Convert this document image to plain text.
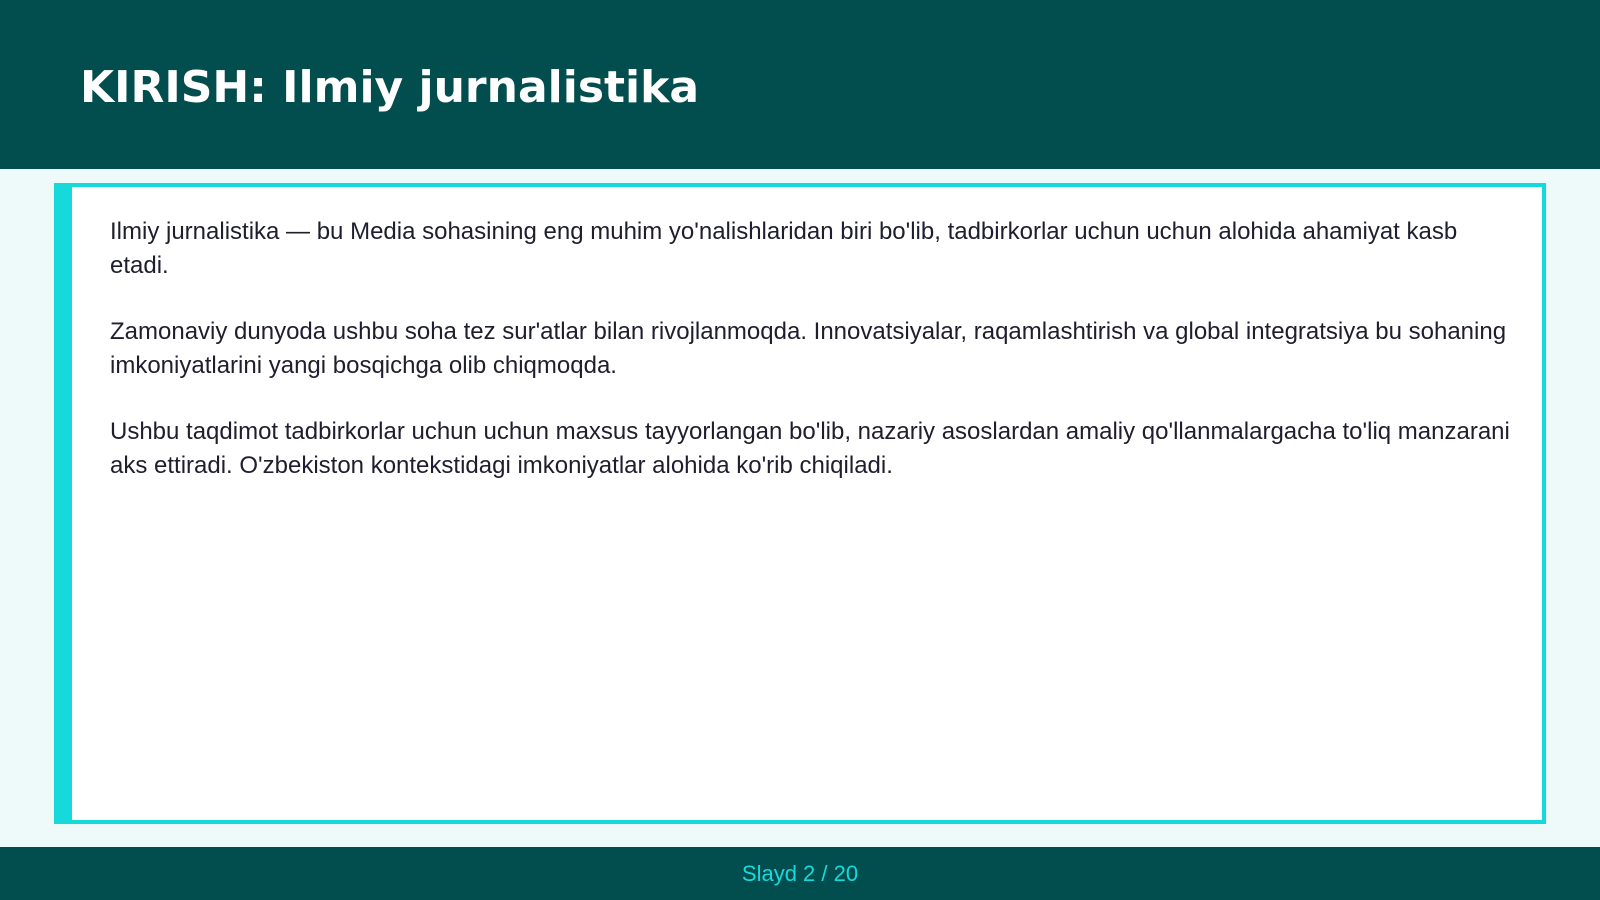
KIRISH: Ilmiy jurnalistika

Ilmiy jurnalistika — bu Media sohasining eng muhim yo'nalishlaridan biri bo'lib, tadbirkorlar uchun uchun alohida ahamiyat kasb etadi.

Zamonaviy dunyoda ushbu soha tez sur'atlar bilan rivojlanmoqda. Innovatsiyalar, raqamlashtirish va global integratsiya bu sohaning imkoniyatlarini yangi bosqichga olib chiqmoqda.

Ushbu taqdimot tadbirkorlar uchun uchun maxsus tayyorlangan bo'lib, nazariy asoslardan amaliy qo'llanmalargacha to'liq manzarani aks ettiradi. O'zbekiston kontekstidagi imkoniyatlar alohida ko'rib chiqiladi.

Slayd 2 / 20
